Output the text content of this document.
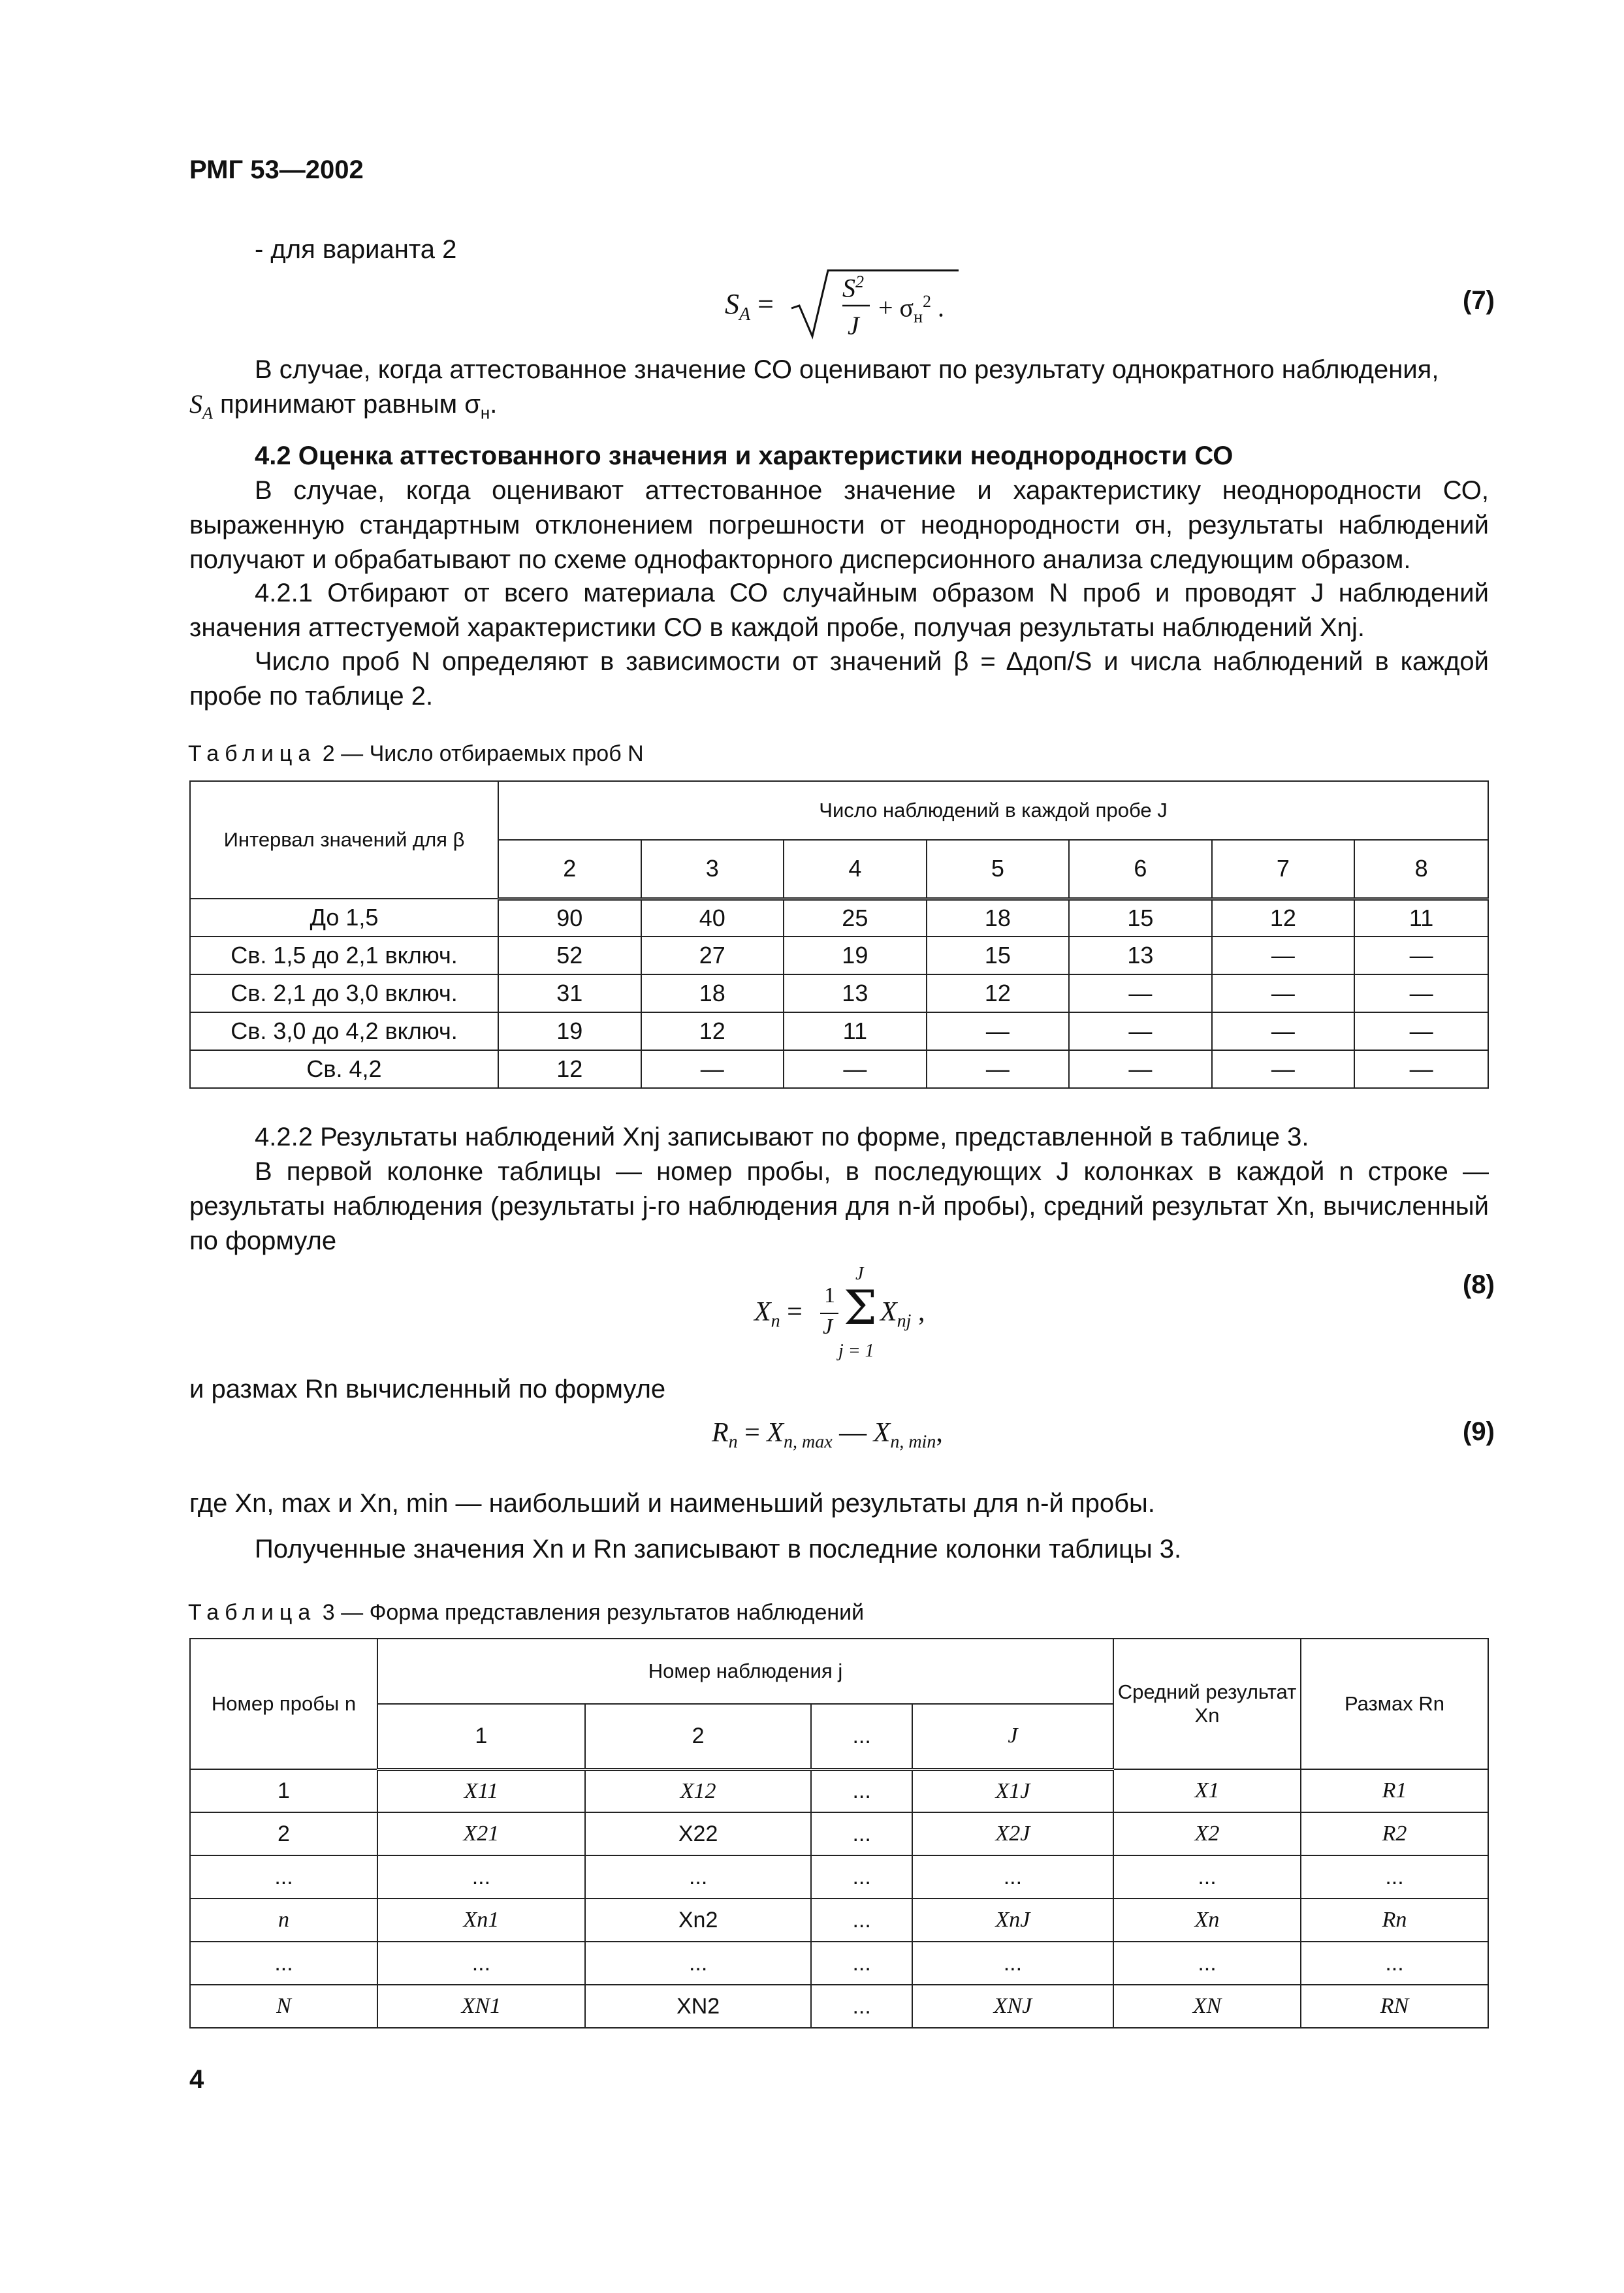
РМГ 53—2002
- для варианта 2
$S_A$ =
$S^2$
J
+ $\sigma_н^2$ .	(7)
В случае, когда аттестованное значение СО оценивают по результату однократного наблюдения,
$S_A$ принимают равным $\sigma_н$.
4.2 Оценка аттестованного значения и характеристики неоднородности СО
В случае, когда оценивают аттестованное значение и характеристику неоднородности СО, выраженную стандартным отклонением погрешности от неоднородности σн, результаты наблюдений получают и обрабатывают по схеме однофакторного дисперсионного анализа следующим образом.
4.2.1 Отбирают от всего материала СО случайным образом N проб и проводят J наблюдений значения аттестуемой характеристики СО в каждой пробе, получая результаты наблюдений Xnj.
Число проб N определяют в зависимости от значений β = Δдоп/S и числа наблюдений в каждой пробе по таблице 2.
Таблица 2 — Число отбираемых проб N
Интервал значений для β	Число наблюдений в каждой пробе J						
	2	3	4	5	6	7	8
До 1,5	90	40	25	18	15	12	11
Св. 1,5 до 2,1 включ.	52	27	19	15	13	—	—
Св. 2,1 до 3,0 включ.	31	18	13	12	—	—	—
Св. 3,0 до 4,2 включ.	19	12	11	—	—	—	—
Св. 4,2	12	—	—	—	—	—	—
4.2.2 Результаты наблюдений Xnj записывают по форме, представленной в таблице 3.
В первой колонке таблицы — номер пробы, в последующих J колонках в каждой n строке — результаты наблюдения (результаты j-го наблюдения для n-й пробы), средний результат Xn, вычисленный по формуле
$X_n$ =
1
J
J
Σ
j = 1
$X_{nj}$ ,
(8)
и размах Rn вычисленный по формуле
$R_n = X_{n, max}$ — $X_{n, min}$,	(9)
где Xn, max и Xn, min — наибольший и наименьший результаты для n-й пробы.
Полученные значения Xn и Rn записывают в последние колонки таблицы 3.
Таблица 3 — Форма представления результатов наблюдений
Номер пробы n	Номер наблюдения j				Средний результат Xn	Размах Rn
	1	2	...	J		
1	X11	X12	...	X1J	X1	R1
2	X21	X22	...	X2J	X2	R2
...	...	...	...	...	...	...
n	Xn1	Xn2	...	XnJ	Xn	Rn
...	...	...	...	...	...	...
N	XN1	XN2	...	XNJ	XN	RN
4
